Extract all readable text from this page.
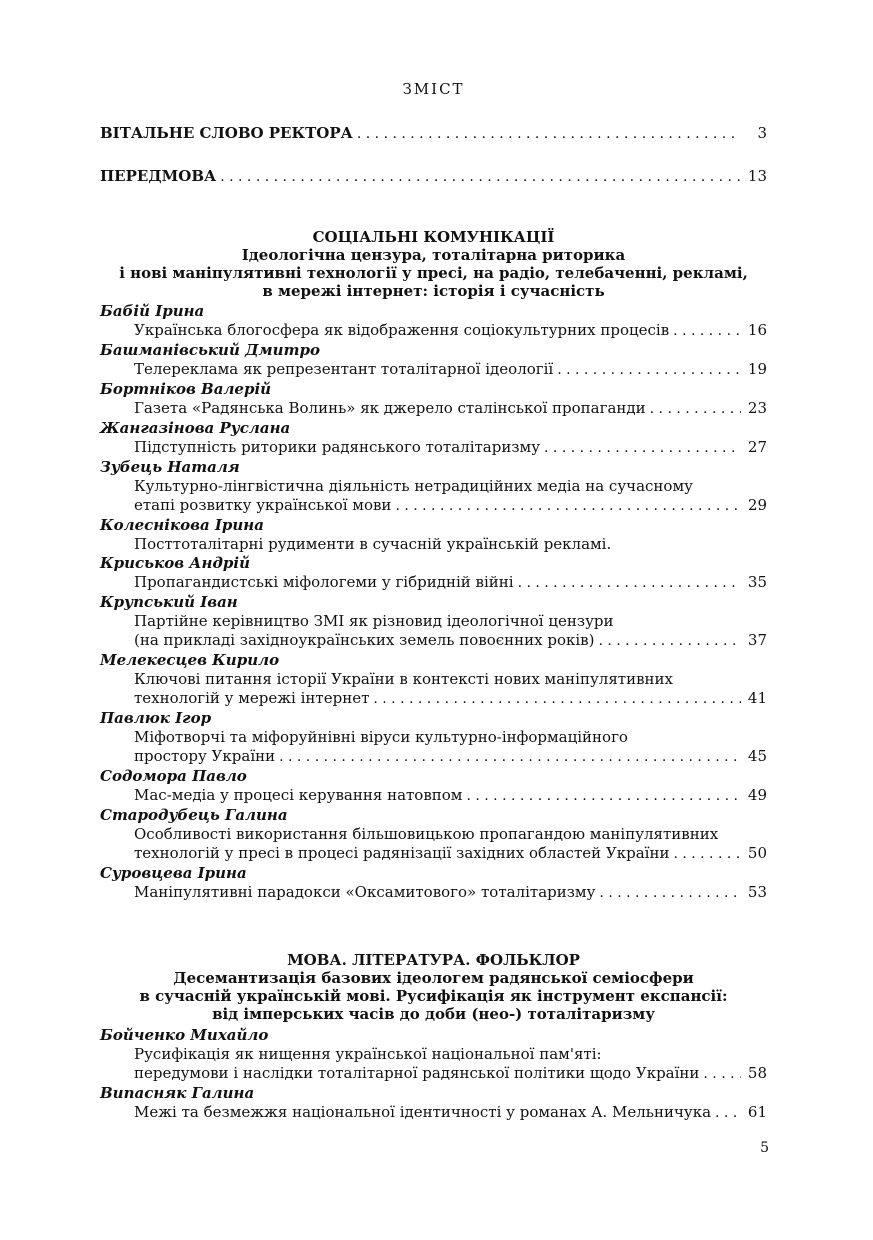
ЗМІСТ
ВІТАЛЬНЕ СЛОВО РЕКТОРА . . .	3
ПЕРЕДМОВА . . .	13
СОЦІАЛЬНІ КОМУНІКАЦІЇ
Ідеологічна цензура, тоталітарна риторика
і нові маніпулятивні технології у пресі, на радіо, телебаченні, рекламі,
в мережі інтернет: історія і сучасність
Бабій Ірина
Українська блогосфера як відображення соціокультурних процесів . . .	16
Башманівський Дмитро
Телереклама як репрезентант тоталітарної ідеології . . .	19
Бортніков Валерій
Газета «Радянська Волинь» як джерело сталінської пропаганди . . .	23
Жангазінова Руслана
Підступність риторики радянського тоталітаризму . . .	27
Зубець Наталя
Культурно-лінгвістична діяльність нетрадиційних медіа на сучасному
етапі розвитку української мови . . .	29
Колеснікова Ірина
Посттоталітарні рудименти в сучасній українській рекламі.
Криськов Андрій
Пропагандистські міфологеми у гібридній війні . . .	35
Крупський Іван
Партійне керівництво ЗМІ як різновид ідеологічної цензури
(на прикладі західноукраїнських земель повоєнних років) . . .	37
Мелекесцев Кирило
Ключові питання історії України в контексті нових маніпулятивних
технологій у мережі інтернет . . .	41
Павлюк Ігор
Міфотворчі та міфоруйнівні віруси культурно-інформаційного
простору України . . .	45
Содомора Павло
Мас-медіа у процесі керування натовпом . . .	49
Стародубець Галина
Особливості використання більшовицькою пропагандою маніпулятивних
технологій у пресі в процесі радянізації західних областей України . . .	50
Суровцева Ірина
Маніпулятивні парадокси «Оксамитового» тоталітаризму . . .	53
МОВА. ЛІТЕРАТУРА. ФОЛЬКЛОР
Десемантизація базових ідеологем радянської семіосфери
в сучасній українській мові. Русифікація як інструмент експансії:
від імперських часів до доби (нео-) тоталітаризму
Бойченко Михайло
Русифікація як нищення української національної пам'яті:
передумови і наслідки тоталітарної радянської політики щодо України . . .	58
Випасняк Галина
Межі та безмежжя національної ідентичності у романах А. Мельничука . . . 61
5
